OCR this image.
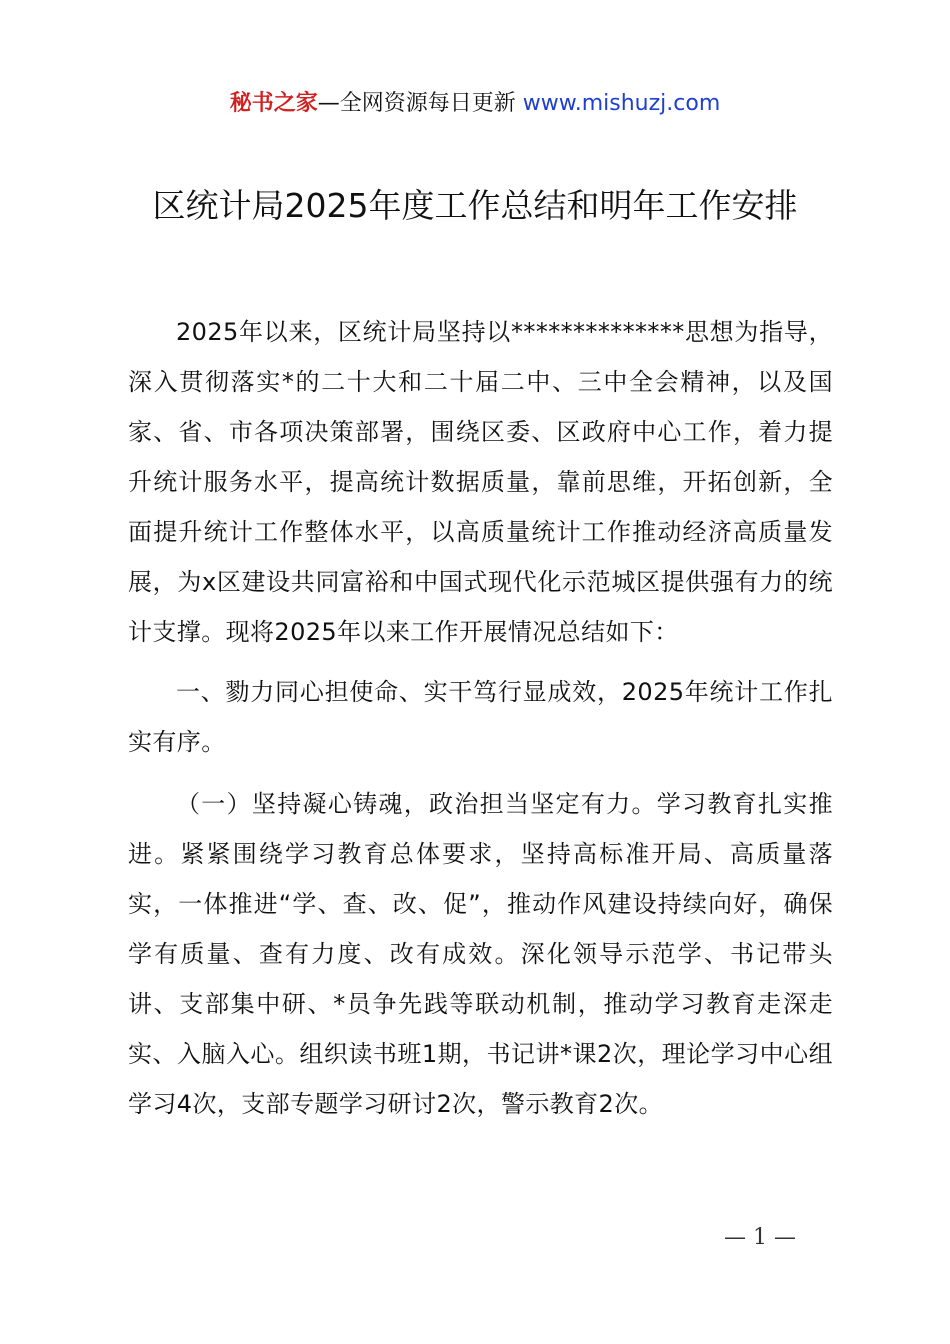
秘书之家—全网资源每日更新 www.mishuzj.com
区统计局2025年度工作总结和明年工作安排

2025年以来，区统计局坚持以**************思想为指导，深入贯彻落实*的二十大和二十届二中、三中全会精神，以及国家、省、市各项决策部署，围绕区委、区政府中心工作，着力提升统计服务水平，提高统计数据质量，靠前思维，开拓创新，全面提升统计工作整体水平，以高质量统计工作推动经济高质量发展，为x区建设共同富裕和中国式现代化示范城区提供强有力的统计支撑。现将2025年以来工作开展情况总结如下：

一、勠力同心担使命、实干笃行显成效，2025年统计工作扎实有序。

（一）坚持凝心铸魂，政治担当坚定有力。学习教育扎实推进。紧紧围绕学习教育总体要求，坚持高标准开局、高质量落实，一体推进“学、查、改、促”，推动作风建设持续向好，确保学有质量、查有力度、改有成效。深化领导示范学、书记带头讲、支部集中研、*员争先践等联动机制，推动学习教育走深走实、入脑入心。组织读书班1期，书记讲*课2次，理论学习中心组学习4次，支部专题学习研讨2次，警示教育2次。

— 1 —
